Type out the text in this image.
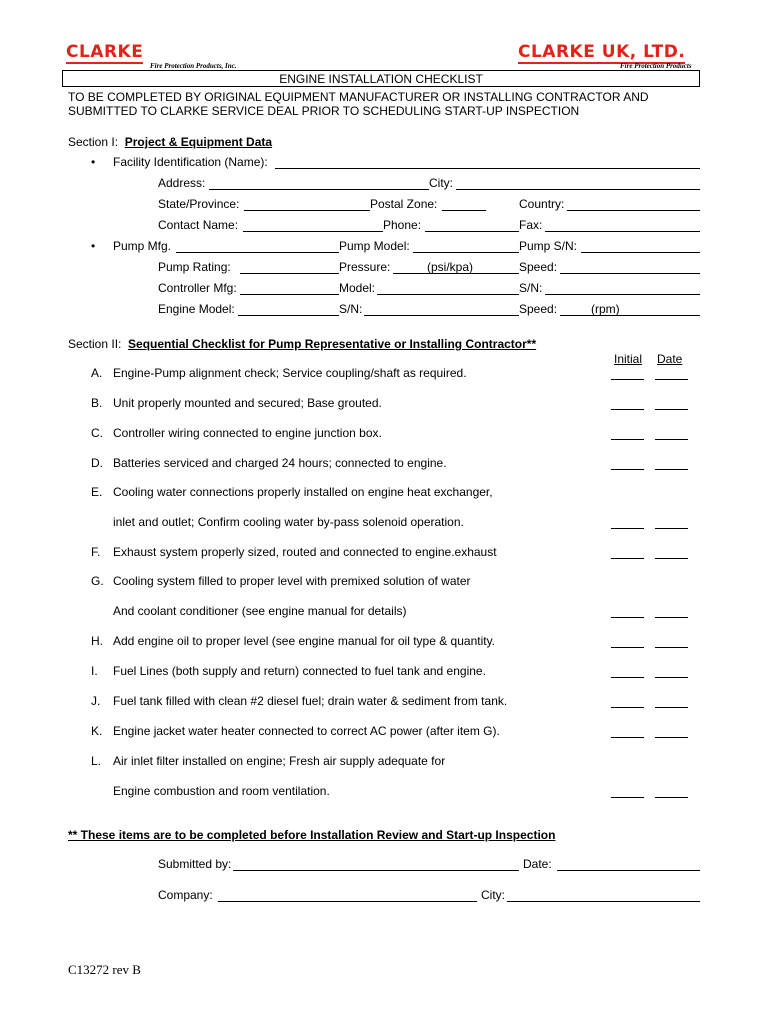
CLARKE
Fire Protection Products, Inc.
CLARKE UK, LTD.
Fire Protection Products
ENGINE INSTALLATION CHECKLIST
TO BE COMPLETED BY ORIGINAL EQUIPMENT MANUFACTURER OR INSTALLING CONTRACTOR AND
SUBMITTED TO CLARKE SERVICE DEAL PRIOR TO SCHEDULING START-UP INSPECTION
Section I: Project & Equipment Data
• Facility Identification (Name):
Address:	City:
State/Province:	Postal Zone:	Country:
Contact Name:	Phone:	Fax:
• Pump Mfg.	Pump Model:	Pump S/N:
Pump Rating:	Pressure:	(psi/kpa)	Speed:
Controller Mfg:	Model:	S/N:
Engine Model:	S/N:	Speed:	(rpm)
Section II: Sequential Checklist for Pump Representative or Installing Contractor**
Initial Date
A. Engine-Pump alignment check; Service coupling/shaft as required.
B. Unit properly mounted and secured; Base grouted.
C. Controller wiring connected to engine junction box.
D. Batteries serviced and charged 24 hours; connected to engine.
E. Cooling water connections properly installed on engine heat exchanger,
inlet and outlet; Confirm cooling water by-pass solenoid operation.
F. Exhaust system properly sized, routed and connected to engine.exhaust
G. Cooling system filled to proper level with premixed solution of water
And coolant conditioner (see engine manual for details)
H. Add engine oil to proper level (see engine manual for oil type & quantity.
I. Fuel Lines (both supply and return) connected to fuel tank and engine.
J. Fuel tank filled with clean #2 diesel fuel; drain water & sediment from tank.
K. Engine jacket water heater connected to correct AC power (after item G).
L. Air inlet filter installed on engine; Fresh air supply adequate for
Engine combustion and room ventilation.
** These items are to be completed before Installation Review and Start-up Inspection
Submitted by:	Date:
Company:	City:
C13272 rev B
